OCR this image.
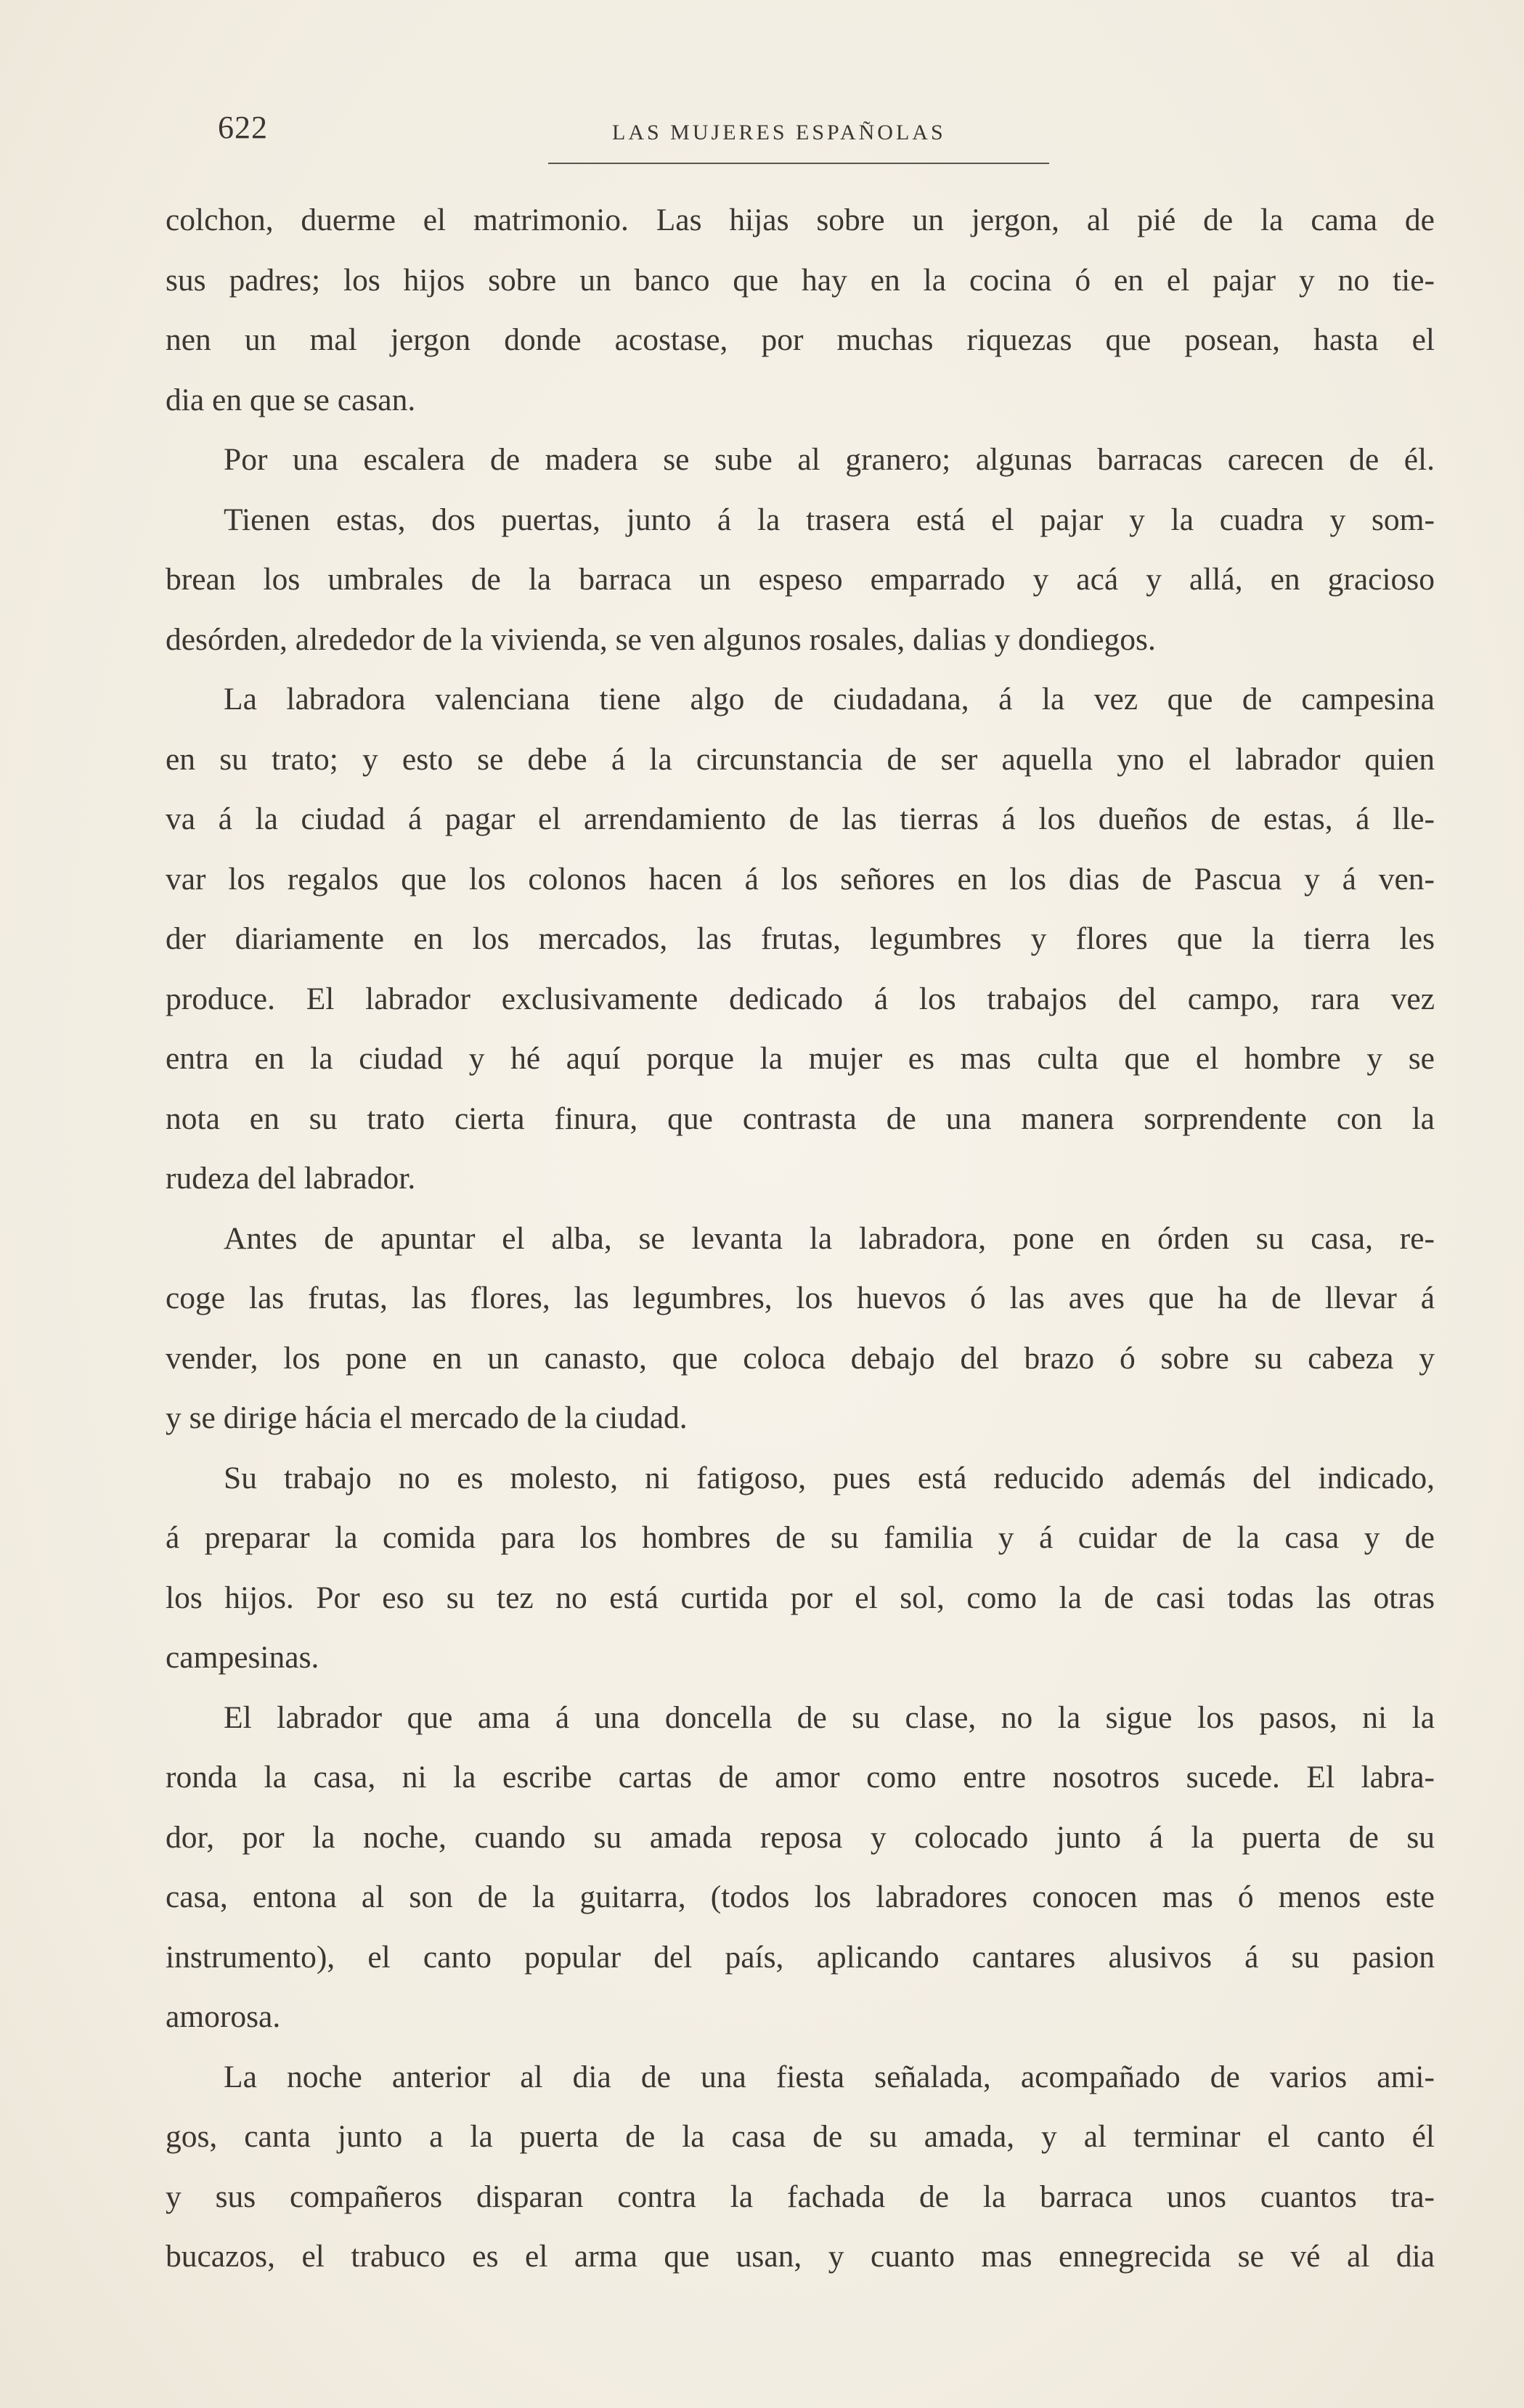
622	LAS MUJERES ESPAÑOLAS

colchon, duerme el matrimonio. Las hijas sobre un jergon, al pié de la cama de
sus padres; los hijos sobre un banco que hay en la cocina ó en el pajar y no tie-
nen un mal jergon donde acostase, por muchas riquezas que posean, hasta el
dia en que se casan.

Por una escalera de madera se sube al granero; algunas barracas carecen de él.

Tienen estas, dos puertas, junto á la trasera está el pajar y la cuadra y som-
brean los umbrales de la barraca un espeso emparrado y acá y allá, en gracioso
desórden, alrededor de la vivienda, se ven algunos rosales, dalias y dondiegos.

La labradora valenciana tiene algo de ciudadana, á la vez que de campesina
en su trato; y esto se debe á la circunstancia de ser aquella yno el labrador quien
va á la ciudad á pagar el arrendamiento de las tierras á los dueños de estas, á lle-
var los regalos que los colonos hacen á los señores en los dias de Pascua y á ven-
der diariamente en los mercados, las frutas, legumbres y flores que la tierra les
produce. El labrador exclusivamente dedicado á los trabajos del campo, rara vez
entra en la ciudad y hé aquí porque la mujer es mas culta que el hombre y se
nota en su trato cierta finura, que contrasta de una manera sorprendente con la
rudeza del labrador.

Antes de apuntar el alba, se levanta la labradora, pone en órden su casa, re-
coge las frutas, las flores, las legumbres, los huevos ó las aves que ha de llevar á
vender, los pone en un canasto, que coloca debajo del brazo ó sobre su cabeza y
y se dirige hácia el mercado de la ciudad.

Su trabajo no es molesto, ni fatigoso, pues está reducido además del indicado,
á preparar la comida para los hombres de su familia y á cuidar de la casa y de
los hijos. Por eso su tez no está curtida por el sol, como la de casi todas las otras
campesinas.

El labrador que ama á una doncella de su clase, no la sigue los pasos, ni la
ronda la casa, ni la escribe cartas de amor como entre nosotros sucede. El labra-
dor, por la noche, cuando su amada reposa y colocado junto á la puerta de su
casa, entona al son de la guitarra, (todos los labradores conocen mas ó menos este
instrumento), el canto popular del país, aplicando cantares alusivos á su pasion
amorosa.

La noche anterior al dia de una fiesta señalada, acompañado de varios ami-
gos, canta junto a la puerta de la casa de su amada, y al terminar el canto él
y sus compañeros disparan contra la fachada de la barraca unos cuantos tra-
bucazos, el trabuco es el arma que usan, y cuanto mas ennegrecida se vé al dia
